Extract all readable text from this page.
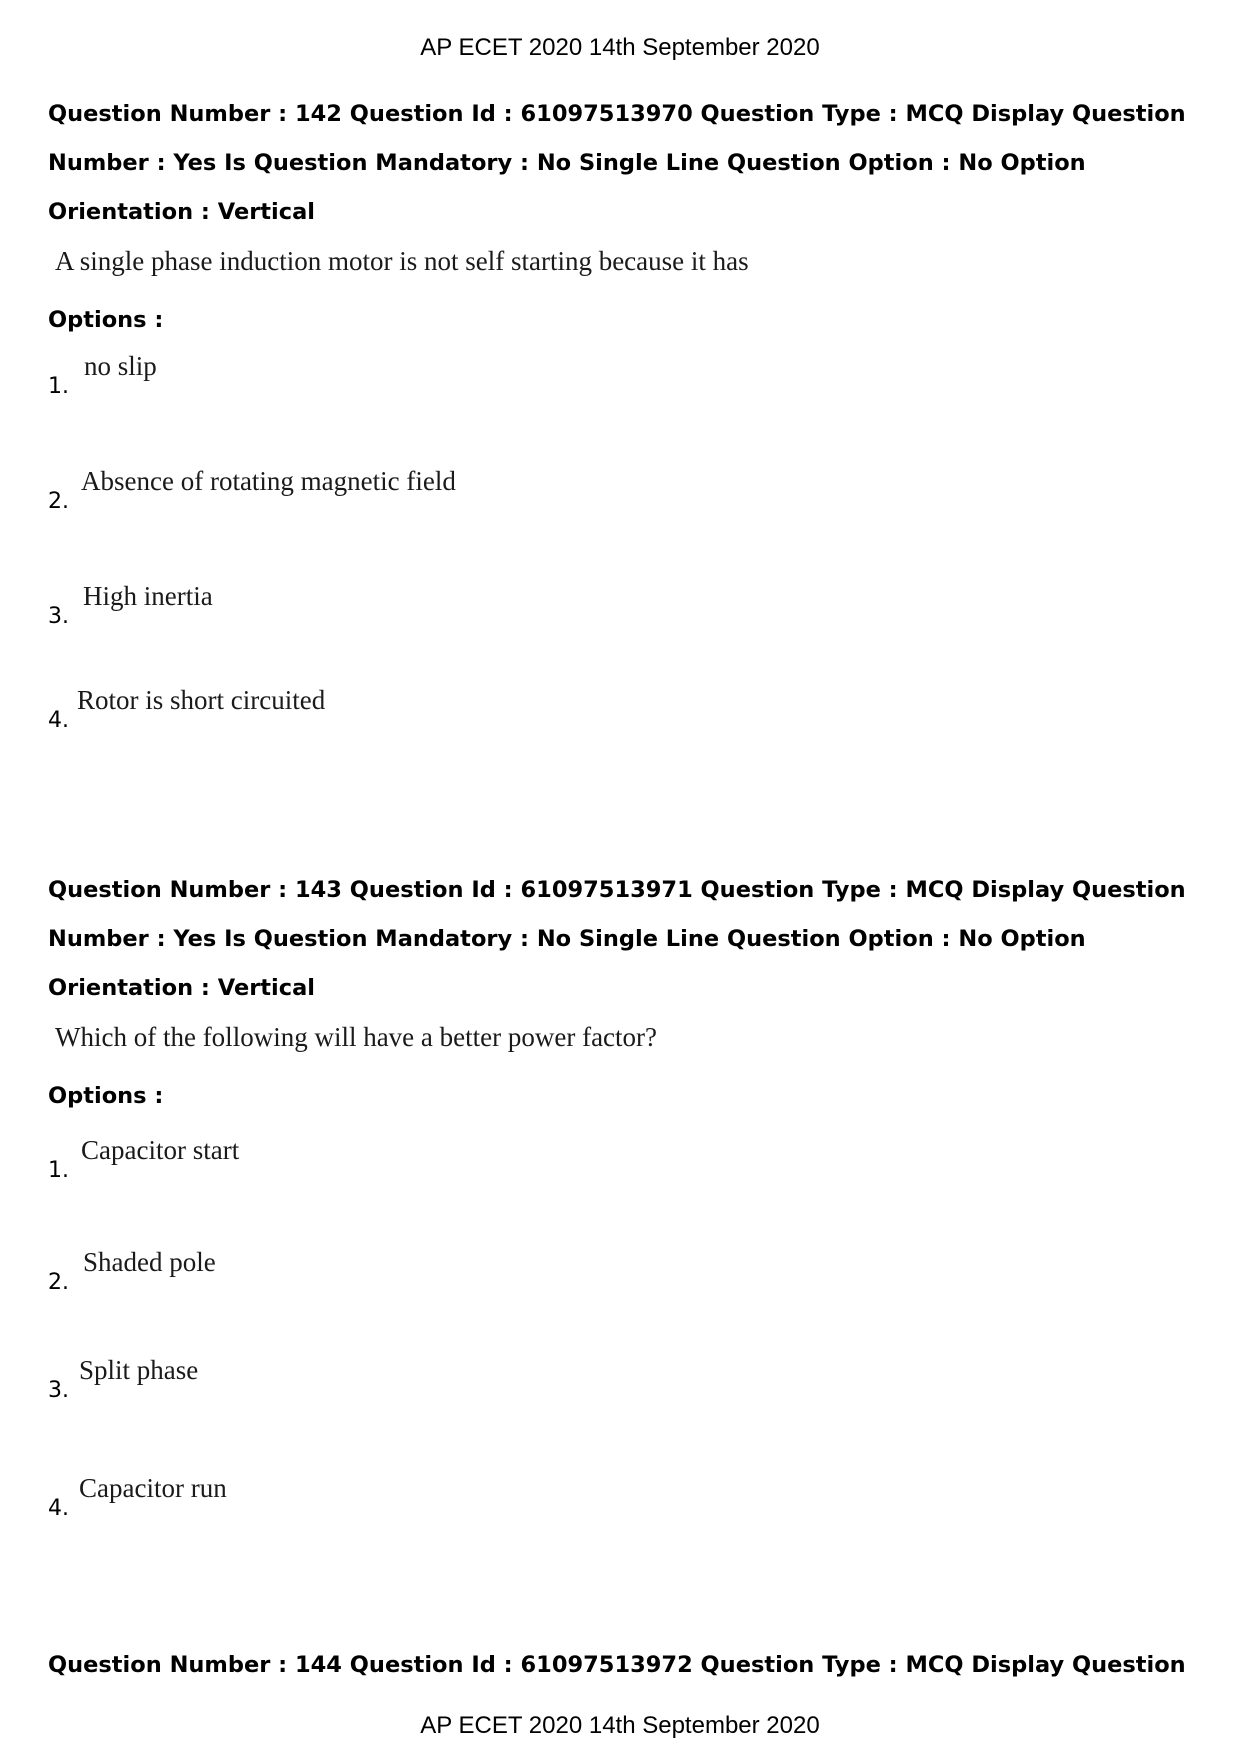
AP ECET 2020 14th September 2020

Question Number : 142 Question Id : 61097513970 Question Type : MCQ Display Question Number : Yes Is Question Mandatory : No Single Line Question Option : No Option Orientation : Vertical

A single phase induction motor is not self starting because it has
Options :
1.
no slip
2.
Absence of rotating magnetic field
3.
High inertia
4.
Rotor is short circuited

Question Number : 143 Question Id : 61097513971 Question Type : MCQ Display Question Number : Yes Is Question Mandatory : No Single Line Question Option : No Option Orientation : Vertical

Which of the following will have a better power factor?
Options :
1.
Capacitor start
2.
Shaded pole
3.
Split phase
4.
Capacitor run

Question Number : 144 Question Id : 61097513972 Question Type : MCQ Display Question

AP ECET 2020 14th September 2020
